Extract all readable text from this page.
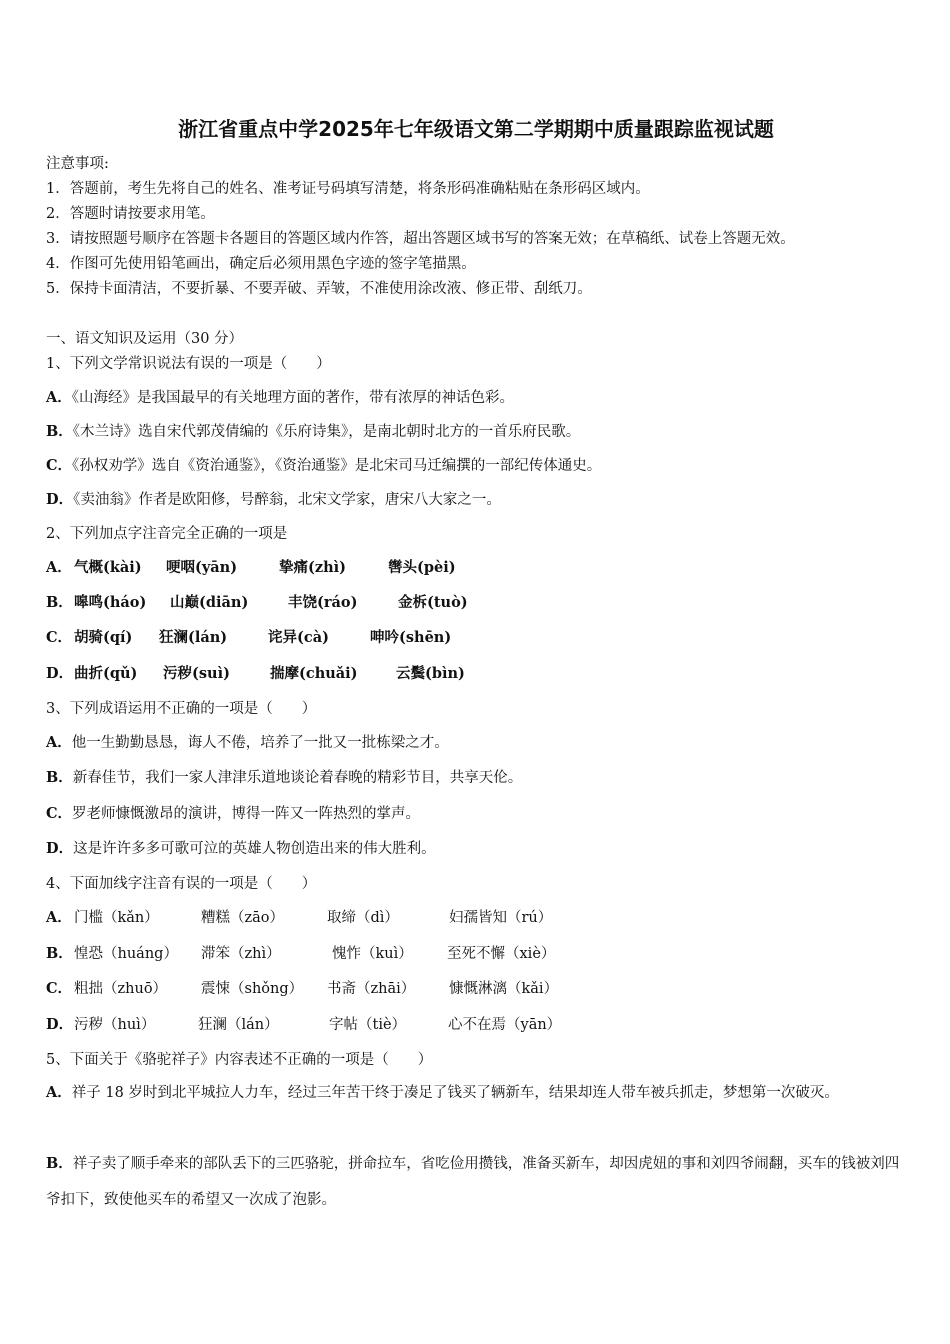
浙江省重点中学2025年七年级语文第二学期期中质量跟踪监视试题
注意事项:
1．答题前，考生先将自己的姓名、准考证号码填写清楚，将条形码准确粘贴在条形码区域内。
2．答题时请按要求用笔。
3．请按照题号顺序在答题卡各题目的答题区域内作答，超出答题区域书写的答案无效；在草稿纸、试卷上答题无效。
4．作图可先使用铅笔画出，确定后必须用黑色字迹的签字笔描黑。
5．保持卡面清洁，不要折暴、不要弄破、弄皱，不准使用涂改液、修正带、刮纸刀。
一、语文知识及运用（30 分）
1、下列文学常识说法有误的一项是（　　）
A．《山海经》是我国最早的有关地理方面的著作，带有浓厚的神话色彩。
B．《木兰诗》选自宋代郭茂倩编的《乐府诗集》，是南北朝时北方的一首乐府民歌。
C．《孙权劝学》选自《资治通鉴》，《资治通鉴》是北宋司马迁编撰的一部纪传体通史。
D．《卖油翁》作者是欧阳修，号醉翁，北宋文学家，唐宋八大家之一。
2、下列加点字注音完全正确的一项是
A． 气概(kài) 哽咽(yān)	挚痛(zhì)	辔头(pèi)
B． 嗥鸣(háo) 山巅(diān)	丰饶(ráo)	金柝(tuò)
C． 胡骑(qí) 狂澜(lán)	诧异(cà)	呻吟(shēn)
D． 曲折(qǔ) 污秽(suì)	揣摩(chuǎi)	云鬓(bìn)
3、下列成语运用不正确的一项是（　　）
A．他一生勤勤恳恳，诲人不倦，培养了一批又一批栋梁之才。
B．新春佳节，我们一家人津津乐道地谈论着春晚的精彩节目，共享天伦。
C．罗老师慷慨激昂的演讲，博得一阵又一阵热烈的掌声。
D．这是许许多多可歌可泣的英雄人物创造出来的伟大胜利。
4、下面加线字注音有误的一项是（　　）
A． 门槛（kǎn）	糟糕（zāo）	取缔（dì）	妇孺皆知（rú）
B． 惶恐（huáng） 滞笨（zhì）	愧怍（kuì） 至死不懈（xiè）
C． 粗拙（zhuō） 震悚（shǒng） 书斋（zhāi） 慷慨淋漓（kǎi）
D． 污秽（huì）	狂澜（lán）	字帖（tiè）	心不在焉（yān）
5、下面关于《骆驼祥子》内容表述不正确的一项是（　　）
A．祥子 18 岁时到北平城拉人力车，经过三年苦干终于凑足了钱买了辆新车，结果却连人带车被兵抓走，梦想第一次破灭。
B．祥子卖了顺手牵来的部队丢下的三匹骆驼，拼命拉车，省吃俭用攒钱，准备买新车，却因虎妞的事和刘四爷闹翻，买车的钱被刘四爷扣下，致使他买车的希望又一次成了泡影。
